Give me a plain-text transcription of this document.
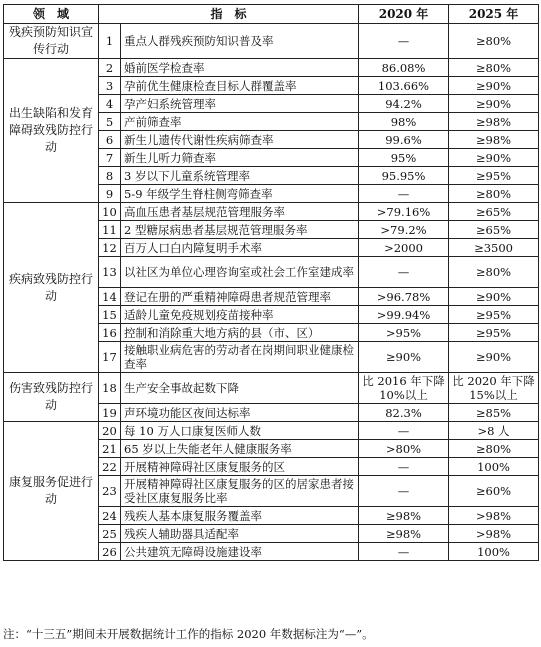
领　域	指　标		2020 年	2025 年
残疾预防知识宣传行动	1	重点人群残疾预防知识普及率	—	≥80%
出生缺陷和发育障碍致残防控行动	2	婚前医学检查率	86.08%	≥80%
	3	孕前优生健康检查目标人群覆盖率	103.66%	≥90%
	4	孕产妇系统管理率	94.2%	≥90%
	5	产前筛查率	98%	≥98%
	6	新生儿遗传代谢性疾病筛查率	99.6%	≥98%
	7	新生儿听力筛查率	95%	≥90%
	8	3 岁以下儿童系统管理率	95.95%	≥95%
	9	5-9 年级学生脊柱侧弯筛查率	—	≥80%
疾病致残防控行动	10	高血压患者基层规范管理服务率	>79.16%	≥65%
	11	2 型糖尿病患者基层规范管理服务率	>79.2%	≥65%
	12	百万人口白内障复明手术率	>2000	≥3500
	13	以社区为单位心理咨询室或社会工作室建成率	—	≥80%
	14	登记在册的严重精神障碍患者规范管理率	>96.78%	≥90%
	15	适龄儿童免疫规划疫苗接种率	>99.94%	≥95%
	16	控制和消除重大地方病的县（市、区）	>95%	≥95%
	17	接触职业病危害的劳动者在岗期间职业健康检查率	≥90%	≥90%
伤害致残防控行动	18	生产安全事故起数下降	比 2016 年下降 10%以上	比 2020 年下降 15%以上
	19	声环境功能区夜间达标率	82.3%	≥85%
康复服务促进行动	20	每 10 万人口康复医师人数	—	>8 人
	21	65 岁以上失能老年人健康服务率	>80%	≥80%
	22	开展精神障碍社区康复服务的区	—	100%
	23	开展精神障碍社区康复服务的区的居家患者接受社区康复服务比率	—	≥60%
	24	残疾人基本康复服务覆盖率	≥98%	>98%
	25	残疾人辅助器具适配率	≥98%	>98%
	26	公共建筑无障碍设施建设率	—	100%
注：“十三五”期间未开展数据统计工作的指标 2020 年数据标注为“—”。
